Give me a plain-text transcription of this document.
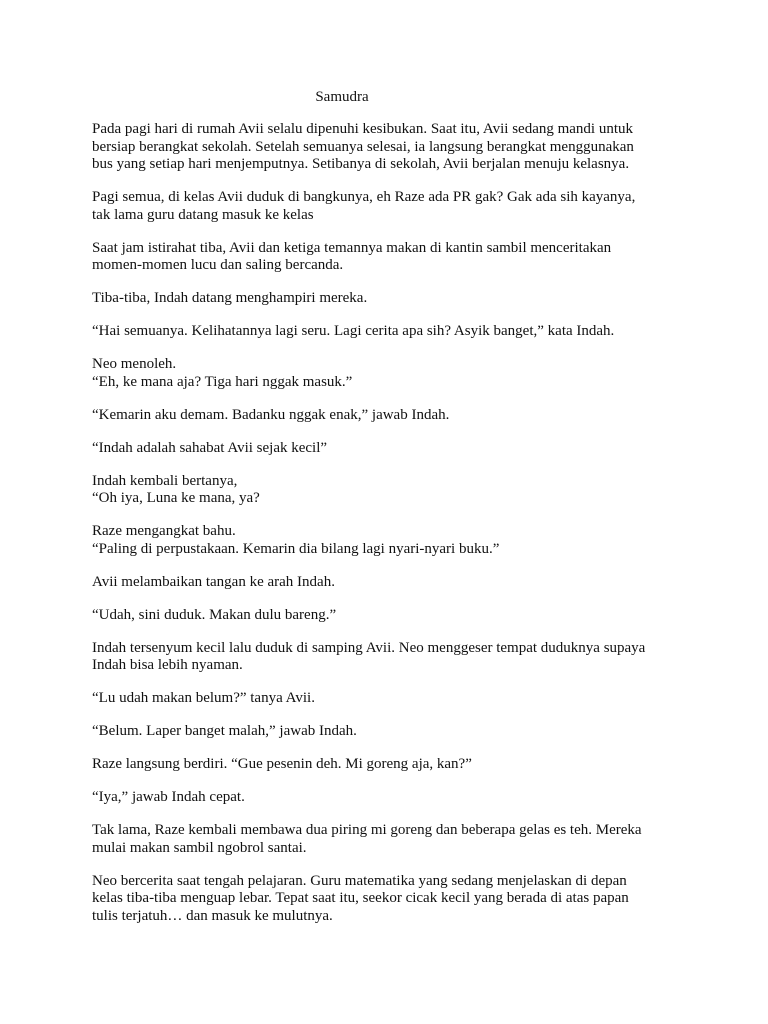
Samudra

Pada pagi hari di rumah Avii selalu dipenuhi kesibukan. Saat itu, Avii sedang mandi untuk
bersiap berangkat sekolah. Setelah semuanya selesai, ia langsung berangkat menggunakan
bus yang setiap hari menjemputnya. Setibanya di sekolah, Avii berjalan menuju kelasnya.

Pagi semua, di kelas Avii duduk di bangkunya, eh Raze ada PR gak? Gak ada sih kayanya,
tak lama guru datang masuk ke kelas

Saat jam istirahat tiba, Avii dan ketiga temannya makan di kantin sambil menceritakan
momen-momen lucu dan saling bercanda.

Tiba-tiba, Indah datang menghampiri mereka.

“Hai semuanya. Kelihatannya lagi seru. Lagi cerita apa sih? Asyik banget,” kata Indah.

Neo menoleh.
“Eh, ke mana aja? Tiga hari nggak masuk.”

“Kemarin aku demam. Badanku nggak enak,” jawab Indah.

“Indah adalah sahabat Avii sejak kecil”

Indah kembali bertanya,
“Oh iya, Luna ke mana, ya?

Raze mengangkat bahu.
“Paling di perpustakaan. Kemarin dia bilang lagi nyari-nyari buku.”

Avii melambaikan tangan ke arah Indah.

“Udah, sini duduk. Makan dulu bareng.”

Indah tersenyum kecil lalu duduk di samping Avii. Neo menggeser tempat duduknya supaya
Indah bisa lebih nyaman.

“Lu udah makan belum?” tanya Avii.

“Belum. Laper banget malah,” jawab Indah.

Raze langsung berdiri. “Gue pesenin deh. Mi goreng aja, kan?”

“Iya,” jawab Indah cepat.

Tak lama, Raze kembali membawa dua piring mi goreng dan beberapa gelas es teh. Mereka
mulai makan sambil ngobrol santai.

Neo bercerita saat tengah pelajaran. Guru matematika yang sedang menjelaskan di depan
kelas tiba-tiba menguap lebar. Tepat saat itu, seekor cicak kecil yang berada di atas papan
tulis terjatuh… dan masuk ke mulutnya.
